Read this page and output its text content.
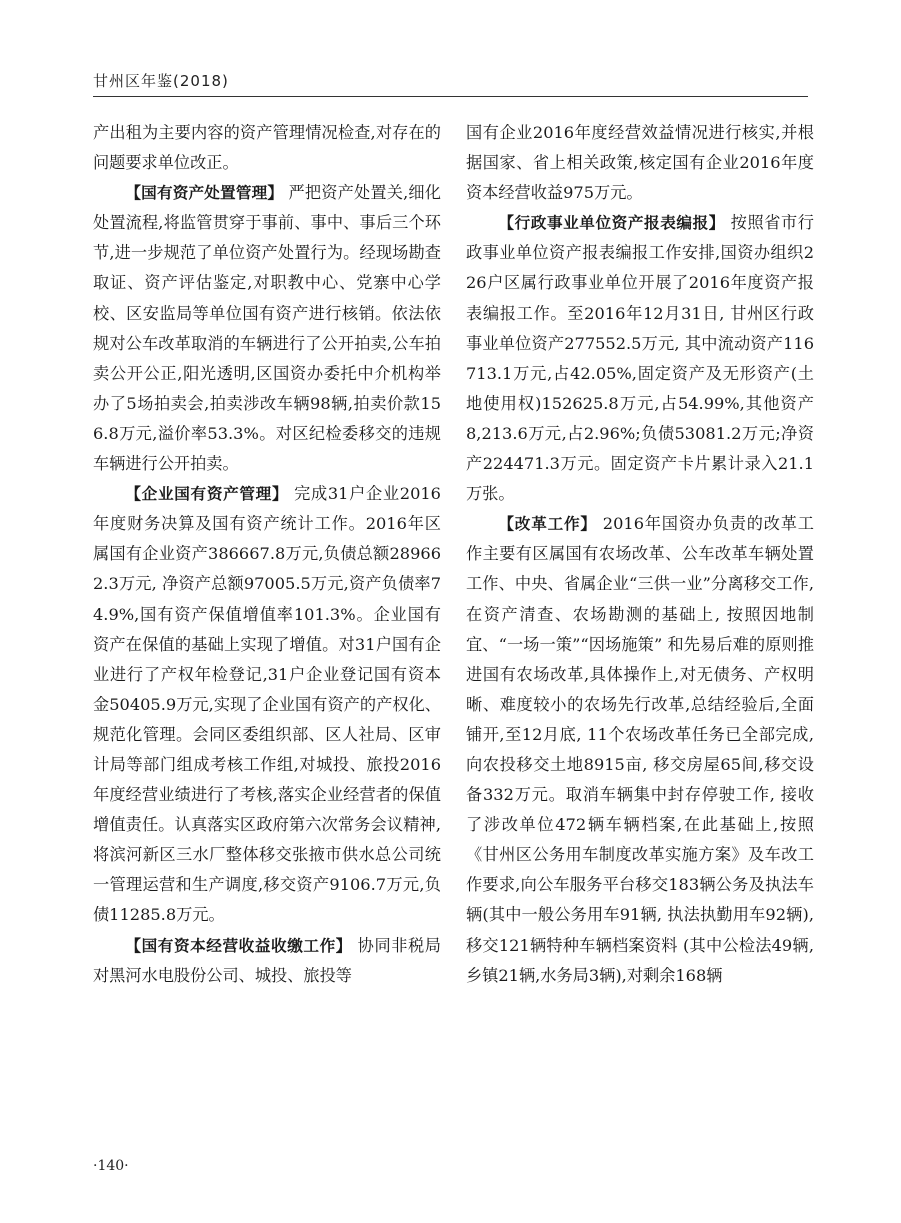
甘州区年鉴(2018)

产出租为主要内容的资产管理情况检查,对存在的问题要求单位改正。

【国有资产处置管理】 严把资产处置关,细化处置流程,将监管贯穿于事前、事中、事后三个环节,进一步规范了单位资产处置行为。经现场勘查取证、资产评估鉴定,对职教中心、党寨中心学校、区安监局等单位国有资产进行核销。依法依规对公车改革取消的车辆进行了公开拍卖,公车拍卖公开公正,阳光透明,区国资办委托中介机构举办了5场拍卖会,拍卖涉改车辆98辆,拍卖价款156.8万元,溢价率53.3%。对区纪检委移交的违规车辆进行公开拍卖。

【企业国有资产管理】 完成31户企业2016年度财务决算及国有资产统计工作。2016年区属国有企业资产386667.8万元,负债总额289662.3万元, 净资产总额97005.5万元,资产负债率74.9%,国有资产保值增值率101.3%。企业国有资产在保值的基础上实现了增值。对31户国有企业进行了产权年检登记,31户企业登记国有资本金50405.9万元,实现了企业国有资产的产权化、规范化管理。会同区委组织部、区人社局、区审计局等部门组成考核工作组,对城投、旅投2016年度经营业绩进行了考核,落实企业经营者的保值增值责任。认真落实区政府第六次常务会议精神,将滨河新区三水厂整体移交张掖市供水总公司统一管理运营和生产调度,移交资产9106.7万元,负债11285.8万元。

【国有资本经营收益收缴工作】 协同非税局对黑河水电股份公司、城投、旅投等

国有企业2016年度经营效益情况进行核实,并根据国家、省上相关政策,核定国有企业2016年度资本经营收益975万元。

【行政事业单位资产报表编报】 按照省市行政事业单位资产报表编报工作安排,国资办组织226户区属行政事业单位开展了2016年度资产报表编报工作。至2016年12月31日, 甘州区行政事业单位资产277552.5万元, 其中流动资产116713.1万元,占42.05%,固定资产及无形资产(土地使用权)152625.8万元,占54.99%,其他资产8,213.6万元,占2.96%;负债53081.2万元;净资产224471.3万元。固定资产卡片累计录入21.1万张。

【改革工作】 2016年国资办负责的改革工作主要有区属国有农场改革、公车改革车辆处置工作、中央、省属企业“三供一业”分离移交工作,在资产清查、农场勘测的基础上, 按照因地制宜、“一场一策”“因场施策” 和先易后难的原则推进国有农场改革,具体操作上,对无债务、产权明晰、难度较小的农场先行改革,总结经验后,全面铺开,至12月底, 11个农场改革任务已全部完成,向农投移交土地8915亩, 移交房屋65间,移交设备332万元。取消车辆集中封存停驶工作, 接收了涉改单位472辆车辆档案,在此基础上,按照《甘州区公务用车制度改革实施方案》及车改工作要求,向公车服务平台移交183辆公务及执法车辆(其中一般公务用车91辆, 执法执勤用车92辆), 移交121辆特种车辆档案资料 (其中公检法49辆,乡镇21辆,水务局3辆),对剩余168辆

·140·
